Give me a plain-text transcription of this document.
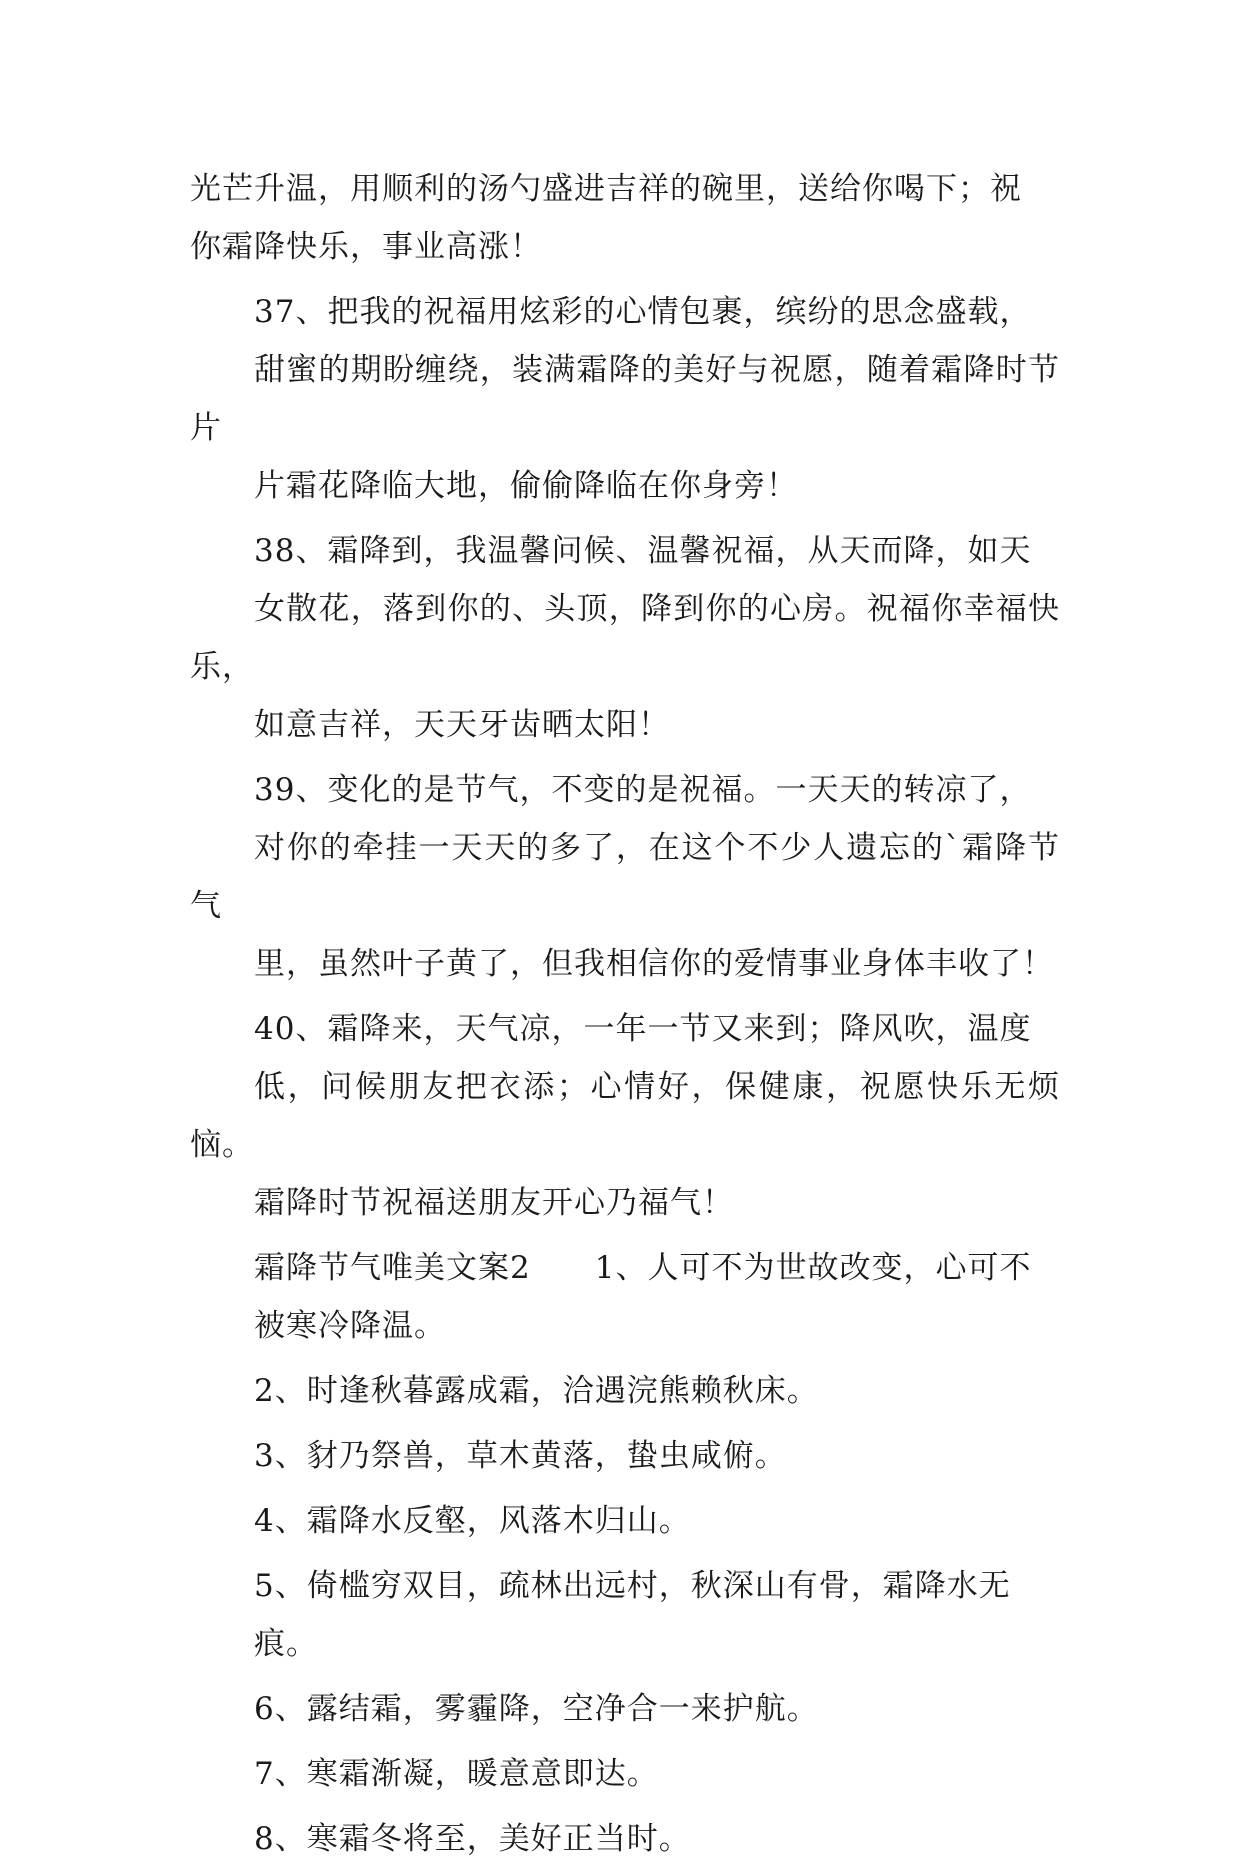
光芒升温，用顺利的汤勺盛进吉祥的碗里，送给你喝下；祝
你霜降快乐，事业高涨！

37、把我的祝福用炫彩的心情包裹，缤纷的思念盛载，
甜蜜的期盼缠绕，装满霜降的美好与祝愿，随着霜降时节片
片霜花降临大地，偷偷降临在你身旁！

38、霜降到，我温馨问候、温馨祝福，从天而降，如天
女散花，落到你的、头顶，降到你的心房。祝福你幸福快乐，
如意吉祥，天天牙齿晒太阳！

39、变化的是节气，不变的是祝福。一天天的转凉了，
对你的牵挂一天天的多了，在这个不少人遗忘的`霜降节气
里，虽然叶子黄了，但我相信你的爱情事业身体丰收了！

40、霜降来，天气凉，一年一节又来到；降风吹，温度
低，问候朋友把衣添；心情好，保健康，祝愿快乐无烦恼。
霜降时节祝福送朋友开心乃福气！

霜降节气唯美文案2　　1、人可不为世故改变，心可不
被寒冷降温。

2、时逢秋暮露成霜，洽遇浣熊赖秋床。

3、豺乃祭兽，草木黄落，蛰虫咸俯。

4、霜降水反壑，风落木归山。

5、倚槛穷双目，疏林出远村，秋深山有骨，霜降水无
痕。

6、露结霜，雾霾降，空净合一来护航。

7、寒霜渐凝，暖意意即达。

8、寒霜冬将至，美好正当时。
